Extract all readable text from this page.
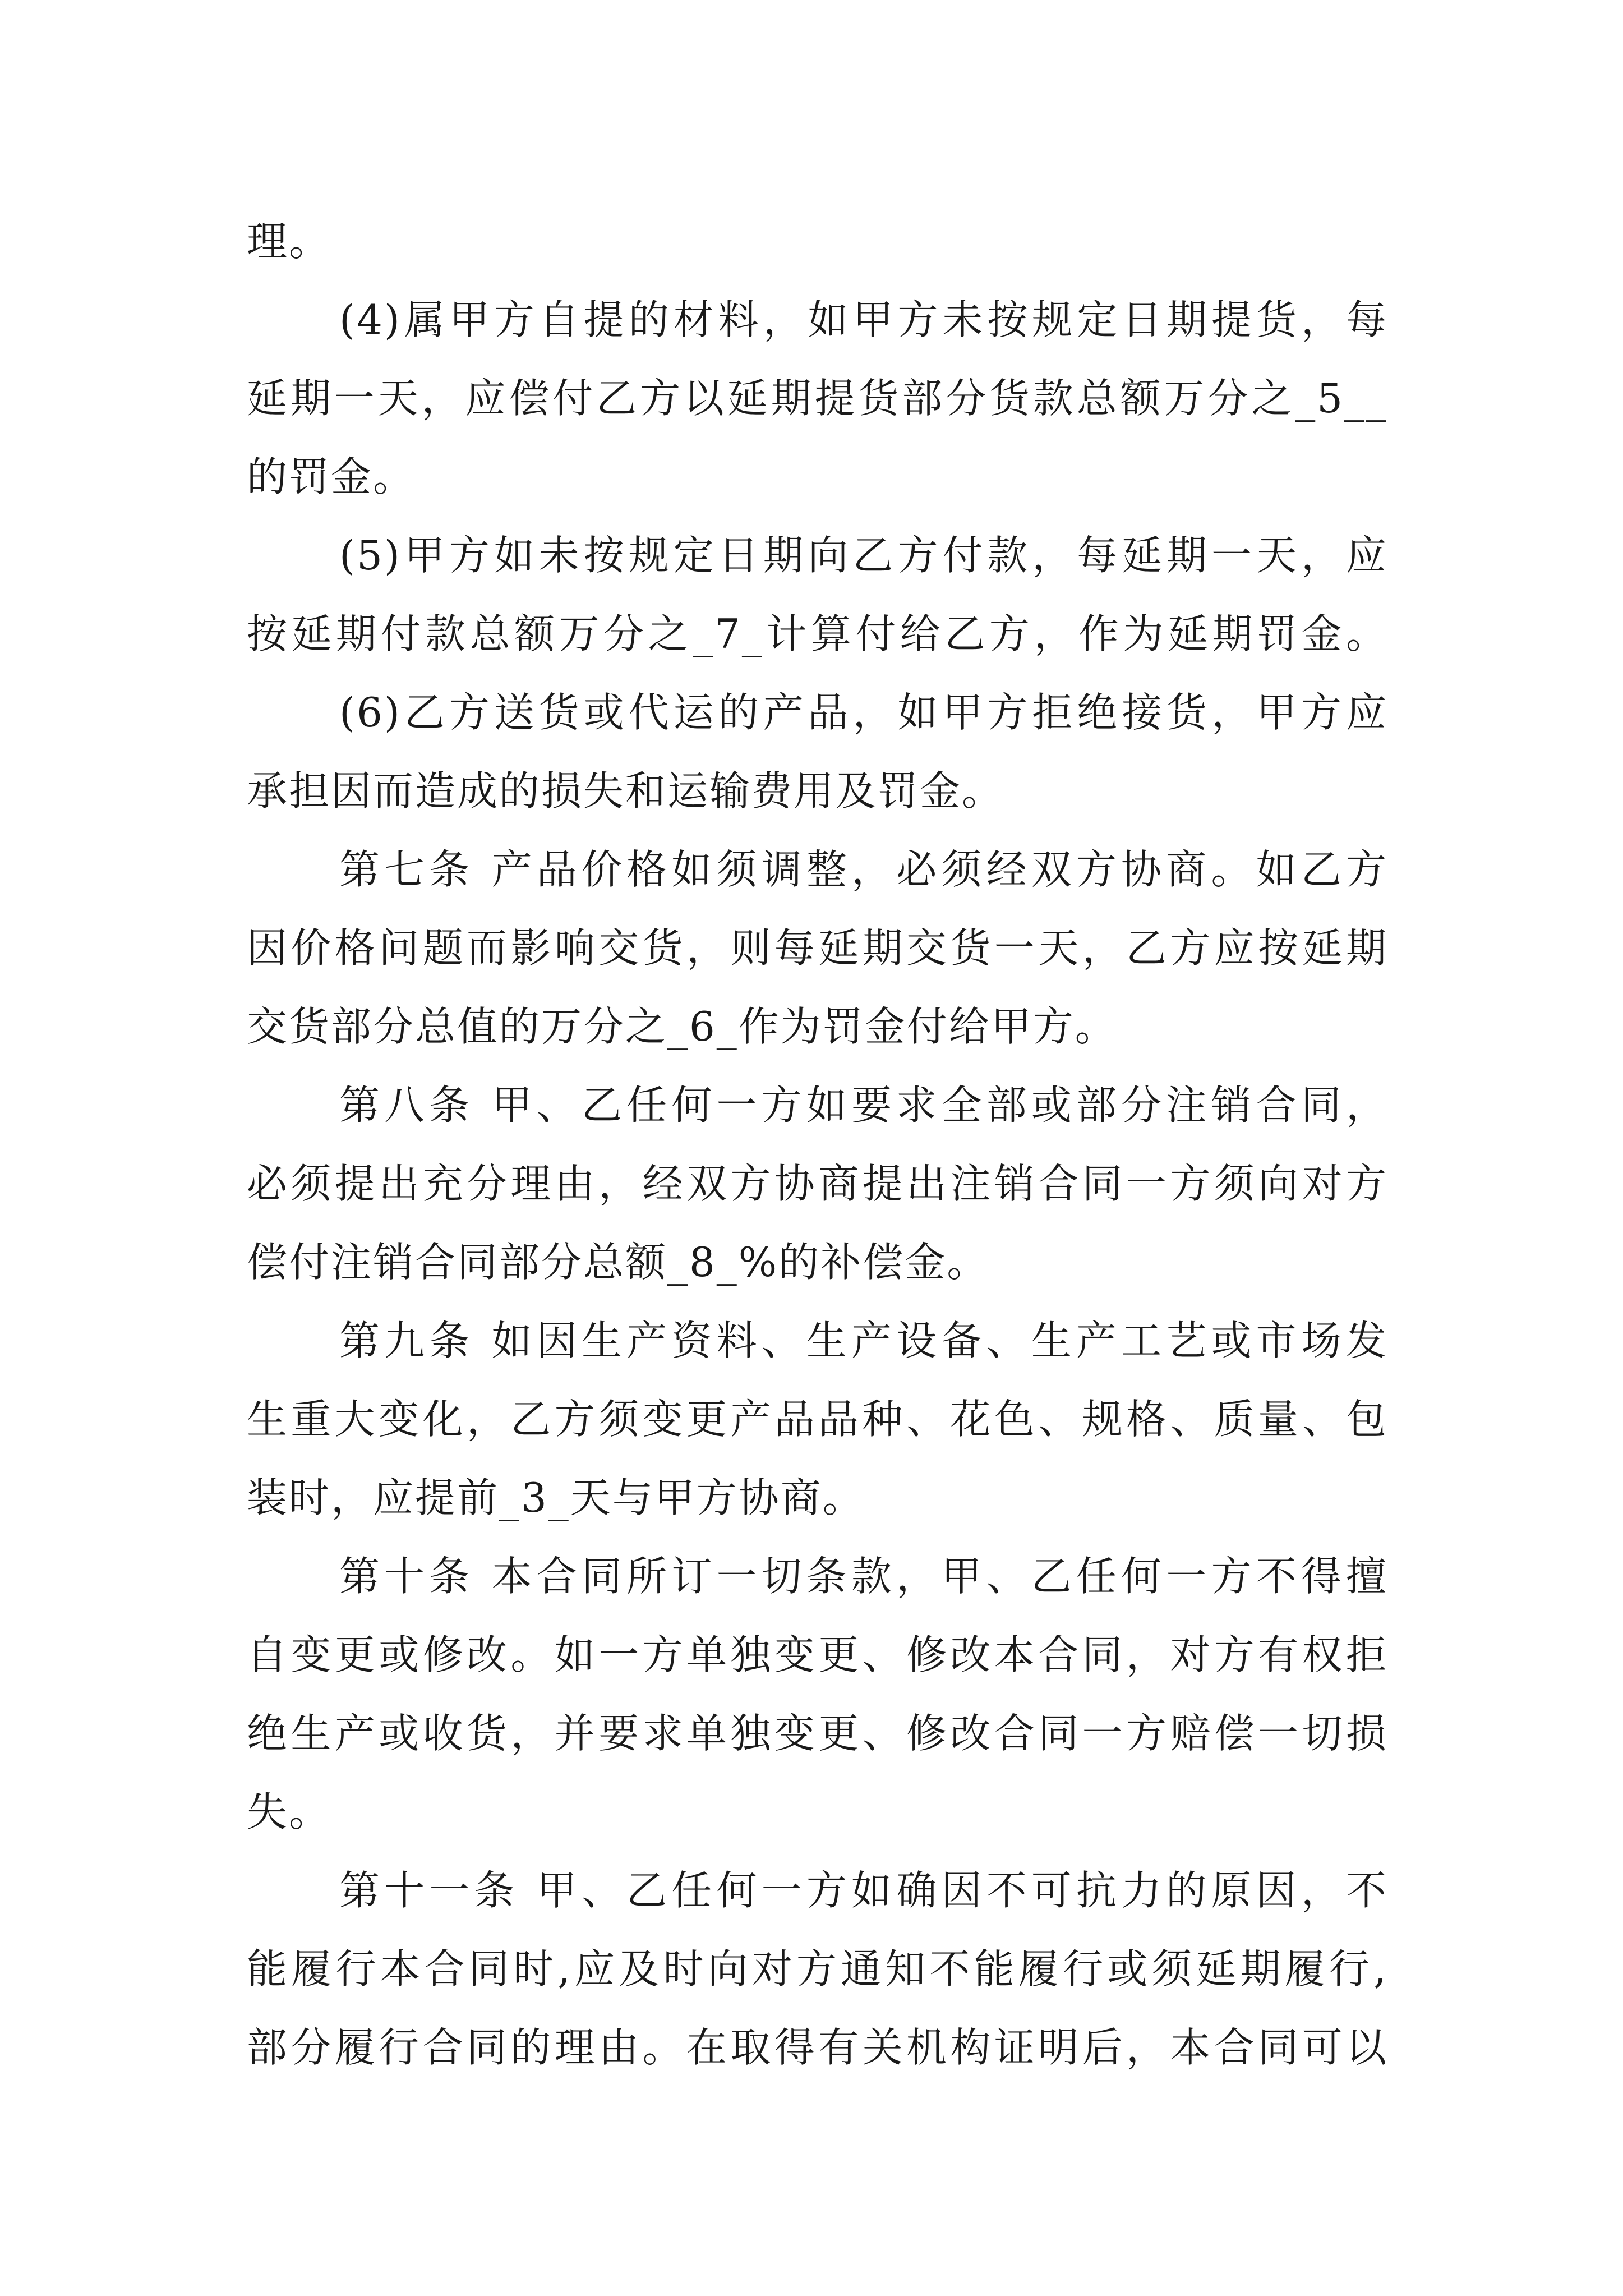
理。
(4)属甲方自提的材料，如甲方未按规定日期提货，每
延期一天，应偿付乙方以延期提货部分货款总额万分之_5__
的罚金。
(5)甲方如未按规定日期向乙方付款，每延期一天，应
按延期付款总额万分之_7_计算付给乙方，作为延期罚金。
(6)乙方送货或代运的产品，如甲方拒绝接货，甲方应
承担因而造成的损失和运输费用及罚金。
第七条 产品价格如须调整，必须经双方协商。如乙方
因价格问题而影响交货，则每延期交货一天，乙方应按延期
交货部分总值的万分之_6_作为罚金付给甲方。
第八条 甲、乙任何一方如要求全部或部分注销合同，
必须提出充分理由，经双方协商提出注销合同一方须向对方
偿付注销合同部分总额_8_%的补偿金。
第九条 如因生产资料、生产设备、生产工艺或市场发
生重大变化，乙方须变更产品品种、花色、规格、质量、包
装时，应提前_3_天与甲方协商。
第十条 本合同所订一切条款，甲、乙任何一方不得擅
自变更或修改。如一方单独变更、修改本合同，对方有权拒
绝生产或收货，并要求单独变更、修改合同一方赔偿一切损
失。
第十一条 甲、乙任何一方如确因不可抗力的原因，不
能履行本合同时,应及时向对方通知不能履行或须延期履行,
部分履行合同的理由。在取得有关机构证明后，本合同可以
